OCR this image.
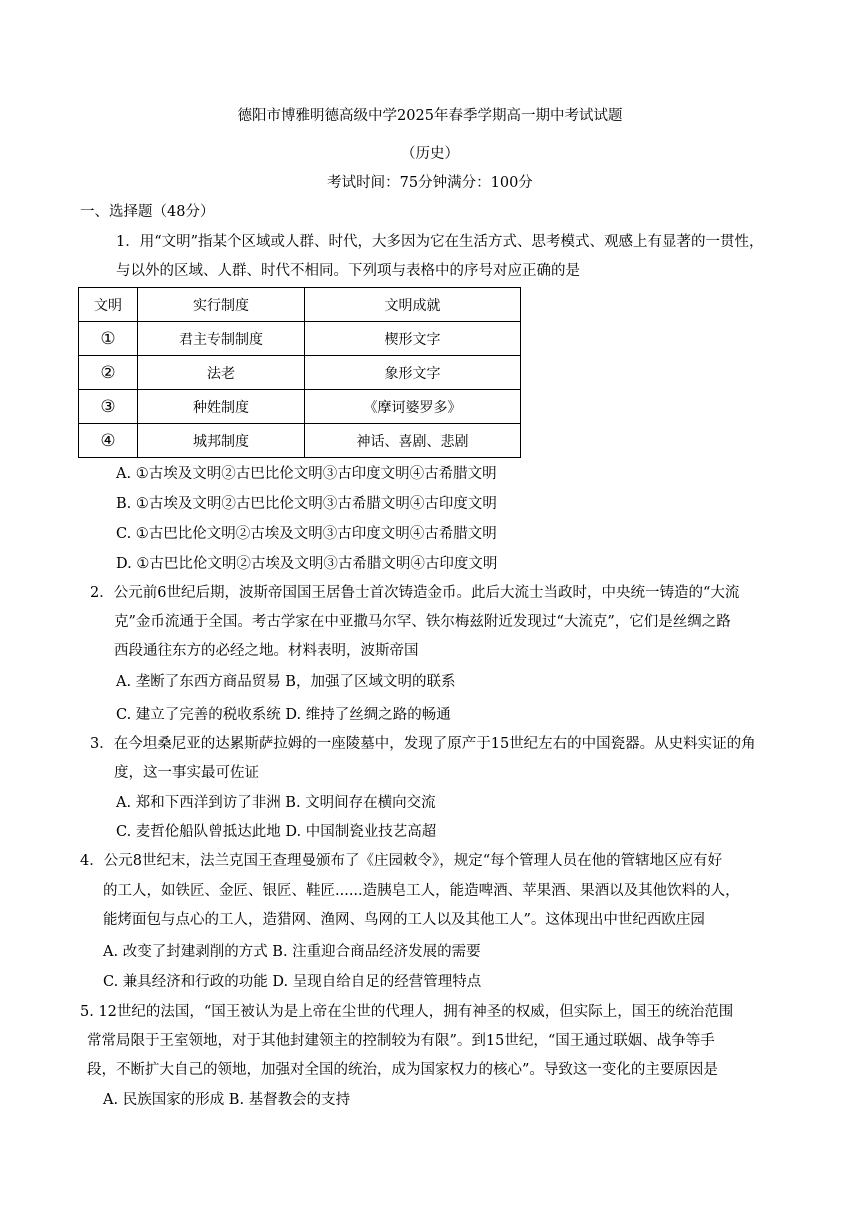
德阳市博雅明德高级中学2025年春季学期高一期中考试试题
（历史）
考试时间：75分钟满分：100分
一、选择题（48分）
1．用“文明”指某个区域或人群、时代，大多因为它在生活方式、思考模式、观感上有显著的一贯性，
与以外的区域、人群、时代不相同。下列项与表格中的序号对应正确的是
文明	实行制度	文明成就
①	君主专制制度	楔形文字
②	法老	象形文字
③	种姓制度	《摩诃婆罗多》
④	城邦制度	神话、喜剧、悲剧
A. ①古埃及文明②古巴比伦文明③古印度文明④古希腊文明
B. ①古埃及文明②古巴比伦文明③古希腊文明④古印度文明
C. ①古巴比伦文明②古埃及文明③古印度文明④古希腊文明
D. ①古巴比伦文明②古埃及文明③古希腊文明④古印度文明
2．公元前6世纪后期，波斯帝国国王居鲁士首次铸造金币。此后大流士当政时，中央统一铸造的“大流
克”金币流通于全国。考古学家在中亚撒马尔罕、铁尔梅兹附近发现过“大流克”，它们是丝绸之路
西段通往东方的必经之地。材料表明，波斯帝国
A. 垄断了东西方商品贸易 B，加强了区域文明的联系
C. 建立了完善的税收系统 D. 维持了丝绸之路的畅通
3．在今坦桑尼亚的达累斯萨拉姆的一座陵墓中，发现了原产于15世纪左右的中国瓷器。从史料实证的角
度，这一事实最可佐证
A. 郑和下西洋到访了非洲 B. 文明间存在横向交流
C. 麦哲伦船队曾抵达此地 D. 中国制瓷业技艺高超
4．公元8世纪末，法兰克国王查理曼颁布了《庄园敕令》，规定“每个管理人员在他的管辖地区应有好
的工人，如铁匠、金匠、银匠、鞋匠......造胰皂工人，能造啤酒、苹果酒、果酒以及其他饮料的人，
能烤面包与点心的工人，造猎网、渔网、鸟网的工人以及其他工人”。这体现出中世纪西欧庄园
A. 改变了封建剥削的方式 B. 注重迎合商品经济发展的需要
C. 兼具经济和行政的功能 D. 呈现自给自足的经营管理特点
5. 12世纪的法国，“国王被认为是上帝在尘世的代理人，拥有神圣的权威，但实际上，国王的统治范围
常常局限于王室领地，对于其他封建领主的控制较为有限”。到15世纪，“国王通过联姻、战争等手
段，不断扩大自己的领地，加强对全国的统治，成为国家权力的核心”。导致这一变化的主要原因是
A. 民族国家的形成 B. 基督教会的支持
